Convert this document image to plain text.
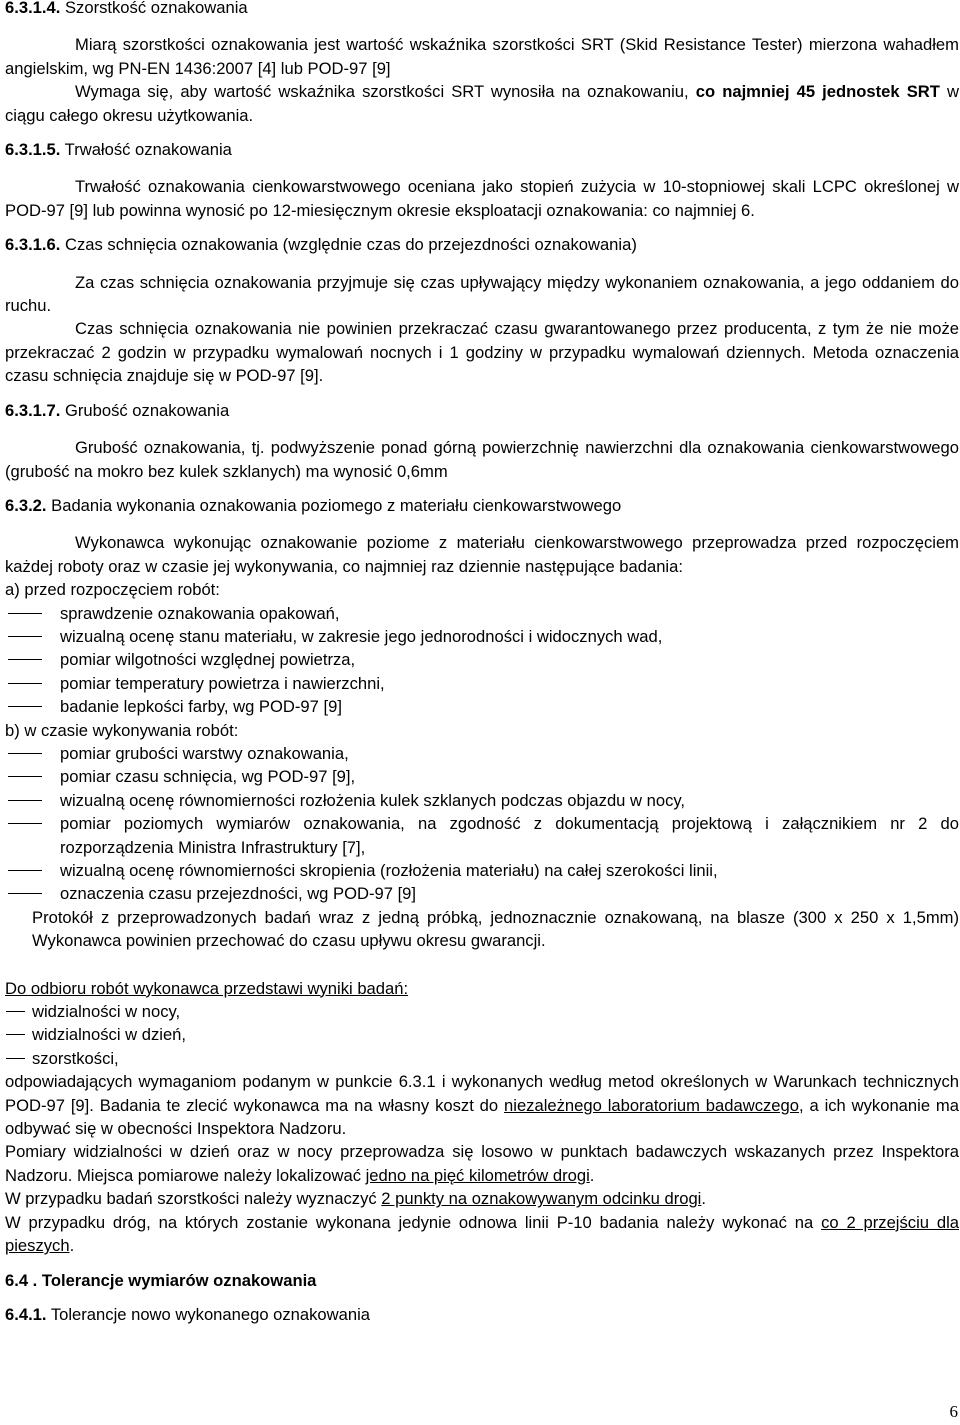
6.3.1.4. Szorstkość oznakowania

Miarą szorstkości oznakowania jest wartość wskaźnika szorstkości SRT (Skid Resistance Tester) mierzona wahadłem angielskim, wg PN-EN 1436:2007 [4] lub POD-97 [9]

Wymaga się, aby wartość wskaźnika szorstkości SRT wynosiła na oznakowaniu, co najmniej 45 jednostek SRT w ciągu całego okresu użytkowania.

6.3.1.5. Trwałość oznakowania

Trwałość oznakowania cienkowarstwowego oceniana jako stopień zużycia w 10-stopniowej skali LCPC określonej w POD-97 [9] lub powinna wynosić po 12-miesięcznym okresie eksploatacji oznakowania: co najmniej 6.

6.3.1.6. Czas schnięcia oznakowania (względnie czas do przejezdności oznakowania)

Za czas schnięcia oznakowania przyjmuje się czas upływający między wykonaniem oznakowania, a jego oddaniem do ruchu.

Czas schnięcia oznakowania nie powinien przekraczać czasu gwarantowanego przez producenta, z tym że nie może przekraczać 2 godzin w przypadku wymalowań nocnych i 1 godziny w przypadku wymalowań dziennych. Metoda oznaczenia czasu schnięcia znajduje się w POD-97 [9].

6.3.1.7. Grubość oznakowania

Grubość oznakowania, tj. podwyższenie ponad górną powierzchnię nawierzchni dla oznakowania cienkowarstwowego (grubość na mokro bez kulek szklanych) ma wynosić 0,6mm

6.3.2. Badania wykonania oznakowania poziomego z materiału cienkowarstwowego

Wykonawca wykonując oznakowanie poziome z materiału cienkowarstwowego przeprowadza przed rozpoczęciem każdej roboty oraz w czasie jej wykonywania, co najmniej raz dziennie następujące badania:

a) przed rozpoczęciem robót:

sprawdzenie oznakowania opakowań,
wizualną ocenę stanu materiału, w zakresie jego jednorodności i widocznych wad,
pomiar wilgotności względnej powietrza,
pomiar temperatury powietrza i nawierzchni,
badanie lepkości farby, wg POD-97 [9]

b) w czasie wykonywania robót:

pomiar grubości warstwy oznakowania,
pomiar czasu schnięcia, wg POD-97 [9],
wizualną ocenę równomierności rozłożenia kulek szklanych podczas objazdu w nocy,
pomiar poziomych wymiarów oznakowania, na zgodność z dokumentacją projektową i załącznikiem nr 2 do rozporządzenia Ministra Infrastruktury [7],
wizualną ocenę równomierności skropienia (rozłożenia materiału) na całej szerokości linii,
oznaczenia czasu przejezdności, wg POD-97 [9]

Protokół z przeprowadzonych badań wraz z jedną próbką, jednoznacznie oznakowaną, na blasze (300 x 250 x 1,5mm) Wykonawca powinien przechować do czasu upływu okresu gwarancji.

Do odbioru robót wykonawca przedstawi wyniki badań:

widzialności w nocy,
widzialności w dzień,
szorstkości,

odpowiadających wymaganiom podanym w punkcie 6.3.1 i wykonanych według metod określonych w Warunkach technicznych POD-97 [9]. Badania te zlecić wykonawca ma na własny koszt do niezależnego laboratorium badawczego, a ich wykonanie ma odbywać się w obecności Inspektora Nadzoru.

Pomiary widzialności w dzień oraz w nocy przeprowadza się losowo w punktach badawczych wskazanych przez Inspektora Nadzoru. Miejsca pomiarowe należy lokalizować jedno na pięć kilometrów drogi.

W przypadku badań szorstkości należy wyznaczyć 2 punkty na oznakowywanym odcinku drogi.

W przypadku dróg, na których zostanie wykonana jedynie odnowa linii P-10 badania należy wykonać na co 2 przejściu dla pieszych.

6.4 . Tolerancje wymiarów oznakowania

6.4.1. Tolerancje nowo wykonanego oznakowania

6
